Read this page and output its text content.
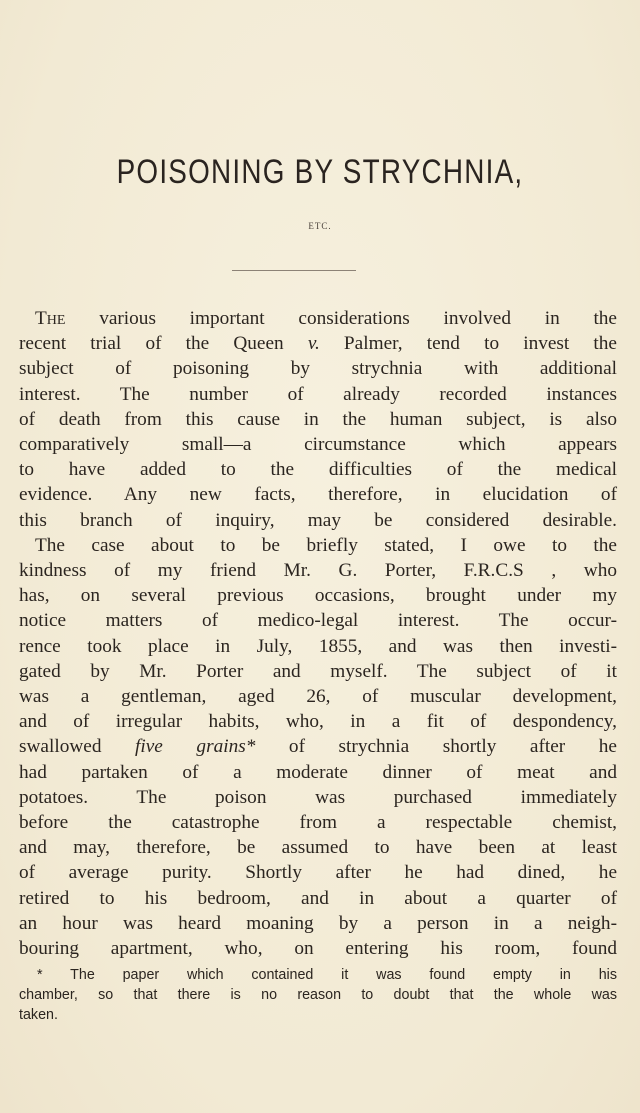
POISONING BY STRYCHNIA,
ETC.
The various important considerations involved in the
recent trial of the Queen v. Palmer, tend to invest the
subject of poisoning by strychnia with additional
interest. The number of already recorded instances
of death from this cause in the human subject, is also
comparatively small—a circumstance which appears
to have added to the difficulties of the medical
evidence. Any new facts, therefore, in elucidation of
this branch of inquiry, may be considered desirable.
The case about to be briefly stated, I owe to the
kindness of my friend Mr. G. Porter, F.R.C.S , who
has, on several previous occasions, brought under my
notice matters of medico-legal interest. The occur-
rence took place in July, 1855, and was then investi-
gated by Mr. Porter and myself. The subject of it
was a gentleman, aged 26, of muscular development,
and of irregular habits, who, in a fit of despondency,
swallowed five grains* of strychnia shortly after he
had partaken of a moderate dinner of meat and
potatoes. The poison was purchased immediately
before the catastrophe from a respectable chemist,
and may, therefore, be assumed to have been at least
of average purity. Shortly after he had dined, he
retired to his bedroom, and in about a quarter of
an hour was heard moaning by a person in a neigh-
bouring apartment, who, on entering his room, found
* The paper which contained it was found empty in his
chamber, so that there is no reason to doubt that the whole was
taken.
